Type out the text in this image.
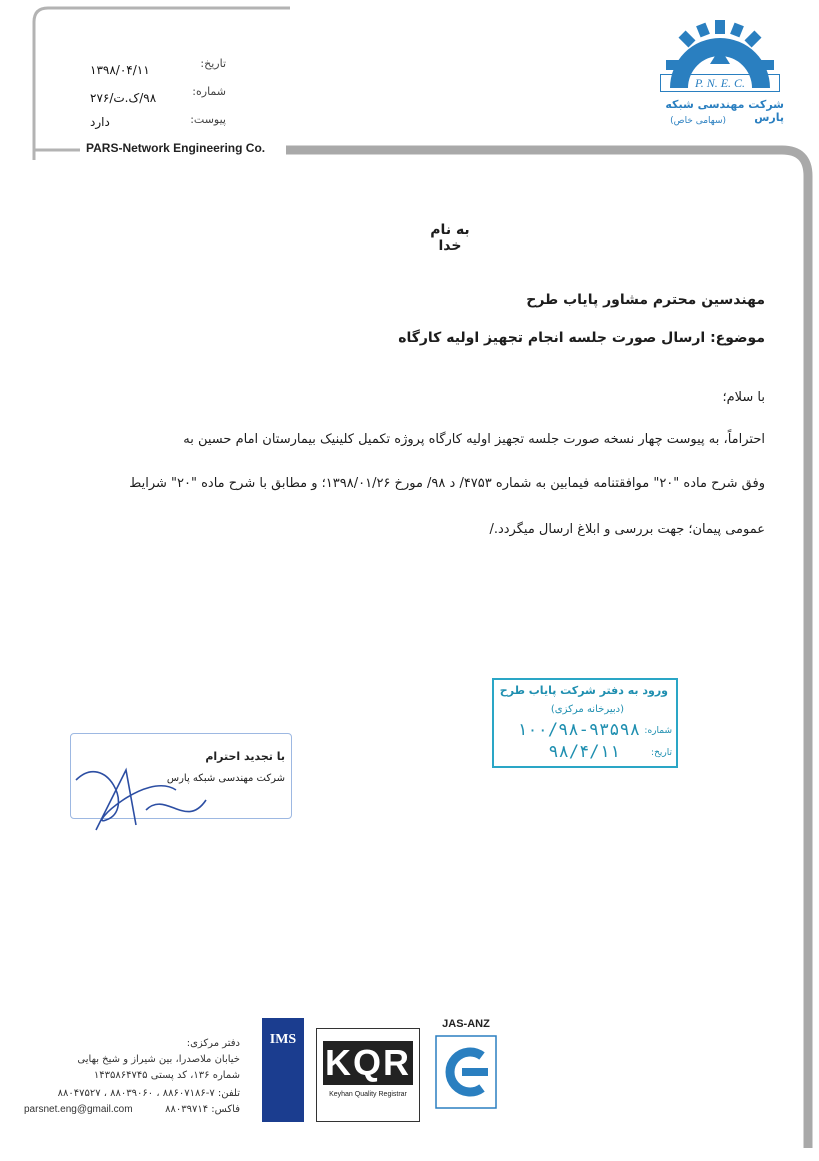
تاریخ:
۱۳۹۸/۰۴/۱۱
شماره:
۹۸/ک.ت/۲۷۶
پیوست:
دارد
PARS-Network Engineering Co.
P. N. E. C.
شرکت مهندسی شبکه پارس
(سهامی خاص)
به نام خدا
مهندسین محترم مشاور پایاب طرح
موضوع: ارسال صورت جلسه انجام تجهیز اولیه کارگاه
با سلام؛
احتراماً، به پیوست چهار نسخه صورت جلسه تجهیز اولیه کارگاه پروژه تکمیل کلینیک بیمارستان امام حسین به
وفق شرح ماده "۲۰" موافقتنامه فیمابین به شماره ۴۷۵۳/ د ۹۸/ مورخ ۱۳۹۸/۰۱/۲۶؛ و مطابق با شرح ماده "۲۰" شرایط
عمومی پیمان؛ جهت بررسی و ابلاغ ارسال میگردد./
ورود به دفتر شرکت پایاب طرح
(دبیرخانه مرکزی)
شماره:
۱۰۰/۹۸-۹۳۵۹۸
تاریخ:
۹۸/۴/۱۱
با تجدید احترام
شرکت مهندسی شبکه پارس
دفتر مرکزی:
خیابان ملاصدرا، بین شیراز و شیخ بهایی
شماره ۱۳۶، کد پستی ۱۴۳۵۸۶۴۷۴۵
تلفن: ۷-۸۸۶۰۷۱۸۶ ، ۸۸۰۳۹۰۶۰ ، ۸۸۰۴۷۵۲۷
فاکس: ۸۸۰۳۹۷۱۴
parsnet.eng@gmail.com
IMS
KQR
Keyhan Quality Registrar
JAS-ANZ
